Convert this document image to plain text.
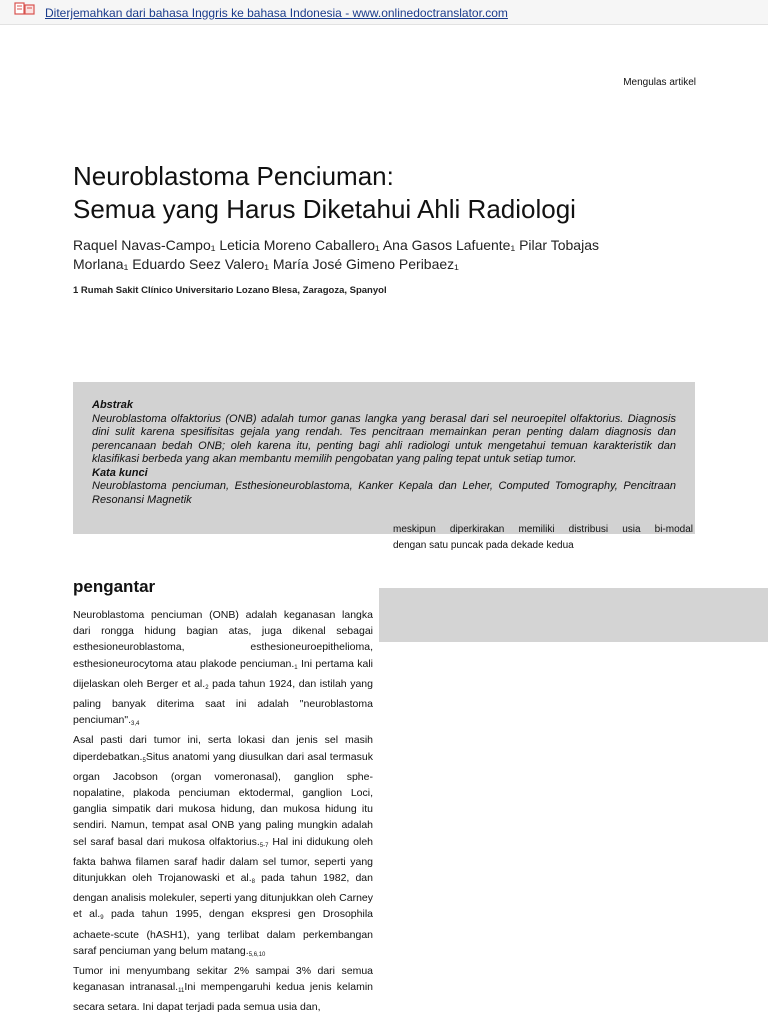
Diterjemahkan dari bahasa Inggris ke bahasa Indonesia - www.onlinedoctranslator.com
Mengulas artikel
Neuroblastoma Penciuman:
Semua yang Harus Diketahui Ahli Radiologi
Raquel Navas-Campo₁ Leticia Moreno Caballero₁ Ana Gasos Lafuente₁ Pilar Tobajas
Morlana₁ Eduardo Seez Valero₁ María José Gimeno Peribaez₁
1 Rumah Sakit Clínico Universitario Lozano Blesa, Zaragoza, Spanyol
Abstrak

Neuroblastoma olfaktorius (ONB) adalah tumor ganas langka yang berasal dari sel neuroepitel olfaktorius. Diagnosis dini sulit karena spesifisitas gejala yang rendah. Tes pencitraan memainkan peran penting dalam diagnosis dan perencanaan bedah ONB; oleh karena itu, penting bagi ahli radiologi untuk mengetahui temuan karakteristik dan klasifikasi berbeda yang akan membantu memilih pengobatan yang paling tepat untuk setiap tumor.

Kata kunci

Neuroblastoma penciuman, Esthesioneuroblastoma, Kanker Kepala dan Leher, Computed Tomography, Pencitraan Resonansi Magnetik

meskipun diperkirakan memiliki distribusi usia bi-modal
dengan satu puncak pada dekade kedua
pengantar

Neuroblastoma penciuman (ONB) adalah keganasan langka dari rongga hidung bagian atas, juga dikenal sebagai esthesioneuroblastoma, esthesioneuroepithelioma, esthesioneurocytoma atau plakode penciuman.$^1$ Ini pertama kali dijelaskan oleh Berger et al.$^2$ pada tahun 1924, dan istilah yang paling banyak diterima saat ini adalah "neuroblastoma penciuman".$^{3,4}$

Asal pasti dari tumor ini, serta lokasi dan jenis sel masih diperdebatkan.$^5$Situs anatomi yang diusulkan dari asal termasuk organ Jacobson (organ vomeronasal), ganglion sphe-nopalatine, plakoda penciuman ektodermal, ganglion Loci, ganglia simpatik dari mukosa hidung, dan mukosa hidung itu sendiri. Namun, tempat asal ONB yang paling mungkin adalah sel saraf basal dari mukosa olfaktorius.$^{5-7}$ Hal ini didukung oleh fakta bahwa filamen saraf hadir dalam sel tumor, seperti yang ditunjukkan oleh Trojanowaski et al.$^8$ pada tahun 1982, dan dengan analisis molekuler, seperti yang ditunjukkan oleh Carney et al.$^9$ pada tahun 1995, dengan ekspresi gen Drosophila achaete-scute (hASH1), yang terlibat dalam perkembangan saraf penciuman yang belum matang.$^{5,6,10}$

Tumor ini menyumbang sekitar 2% sampai 3% dari semua keganasan intranasal.$^{11}$Ini mempengaruhi kedua jenis kelamin secara setara. Ini dapat terjadi pada semua usia dan,
